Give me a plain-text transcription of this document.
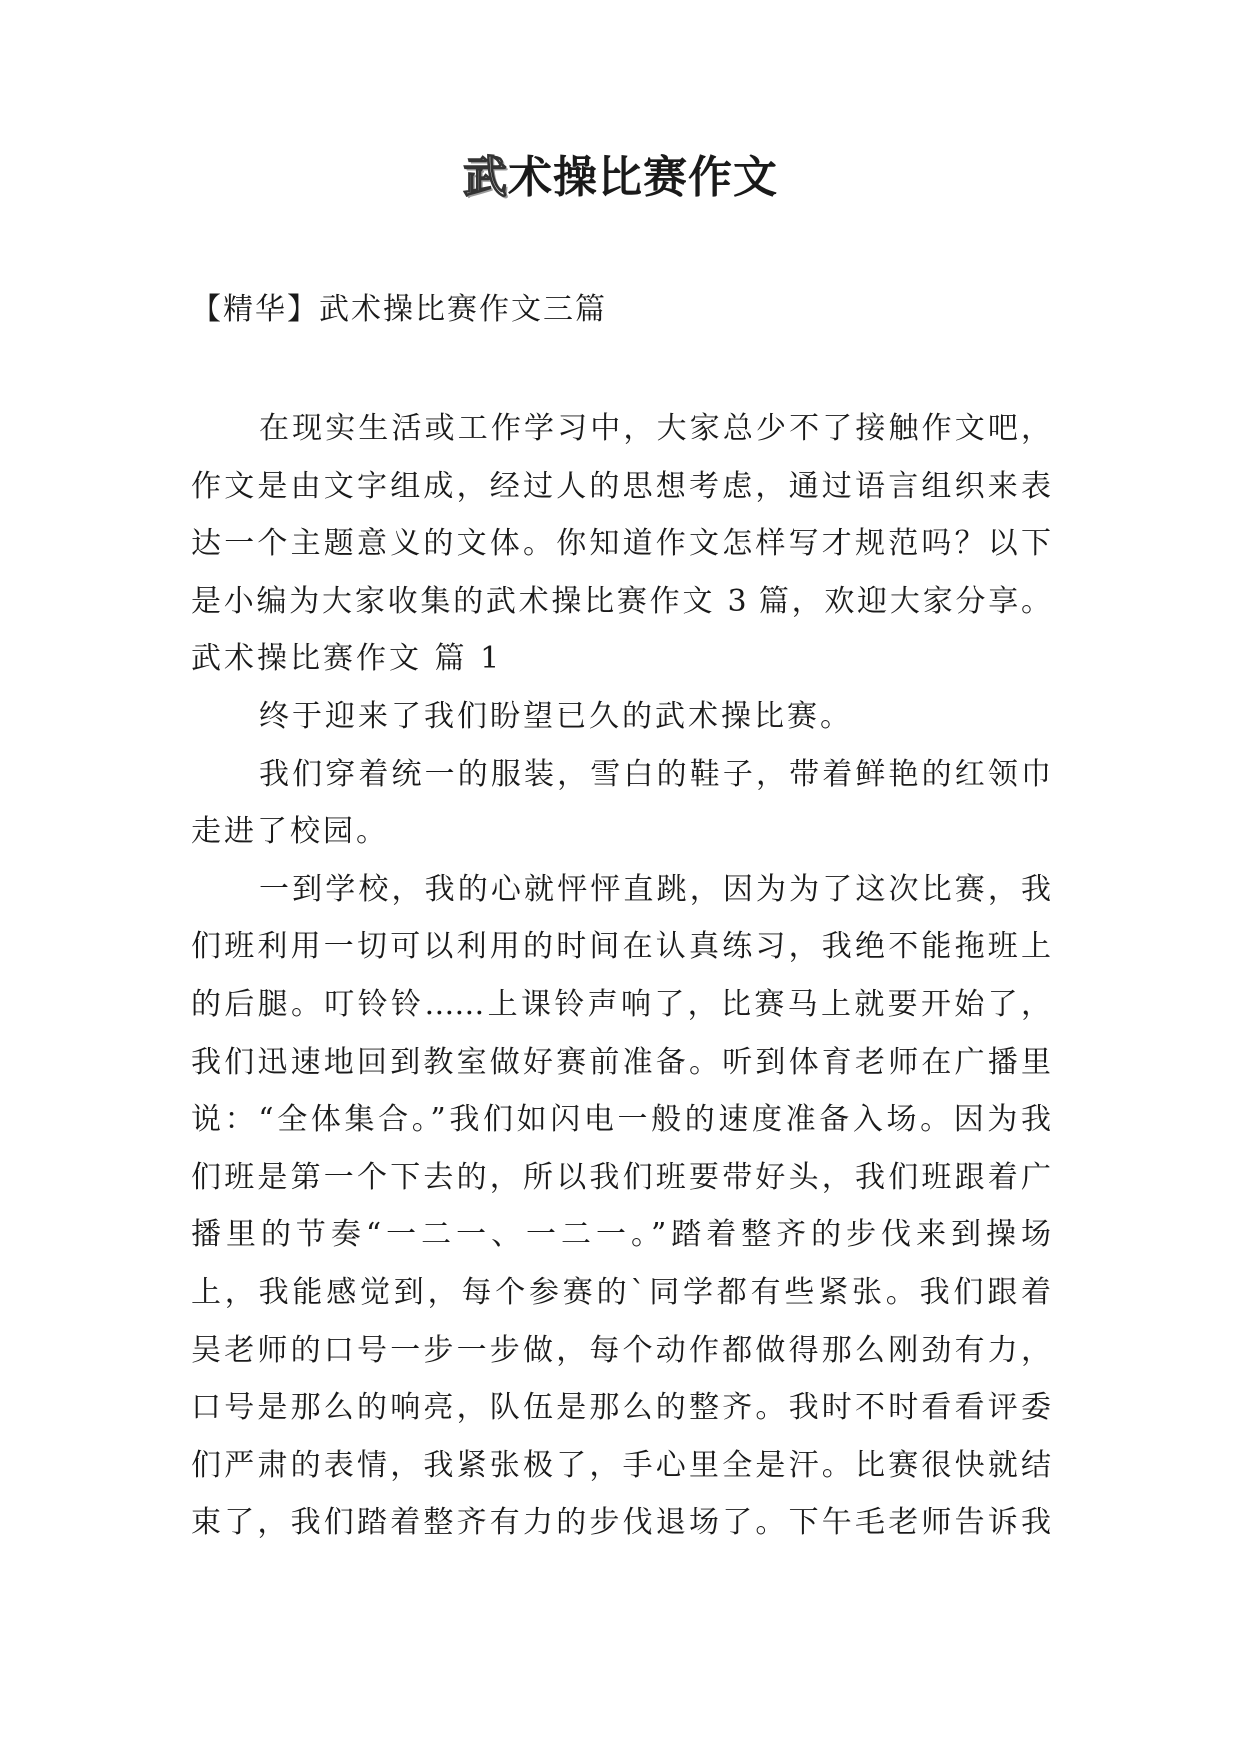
武术操比赛作文
【精华】武术操比赛作文三篇
在现实生活或工作学习中，大家总少不了接触作文吧，
作文是由文字组成，经过人的思想考虑，通过语言组织来表
达一个主题意义的文体。你知道作文怎样写才规范吗？以下
是小编为大家收集的武术操比赛作文 3 篇，欢迎大家分享。
武术操比赛作文 篇 1
终于迎来了我们盼望已久的武术操比赛。
我们穿着统一的服装，雪白的鞋子，带着鲜艳的红领巾
走进了校园。
一到学校，我的心就怦怦直跳，因为为了这次比赛，我
们班利用一切可以利用的时间在认真练习，我绝不能拖班上
的后腿。叮铃铃……上课铃声响了，比赛马上就要开始了，
我们迅速地回到教室做好赛前准备。听到体育老师在广播里
说：“全体集合。”我们如闪电一般的速度准备入场。因为我
们班是第一个下去的，所以我们班要带好头，我们班跟着广
播里的节奏“一二一、一二一。”踏着整齐的步伐来到操场
上，我能感觉到，每个参赛的`同学都有些紧张。我们跟着
吴老师的口号一步一步做，每个动作都做得那么刚劲有力，
口号是那么的响亮，队伍是那么的整齐。我时不时看看评委
们严肃的表情，我紧张极了，手心里全是汗。比赛很快就结
束了，我们踏着整齐有力的步伐退场了。下午毛老师告诉我
